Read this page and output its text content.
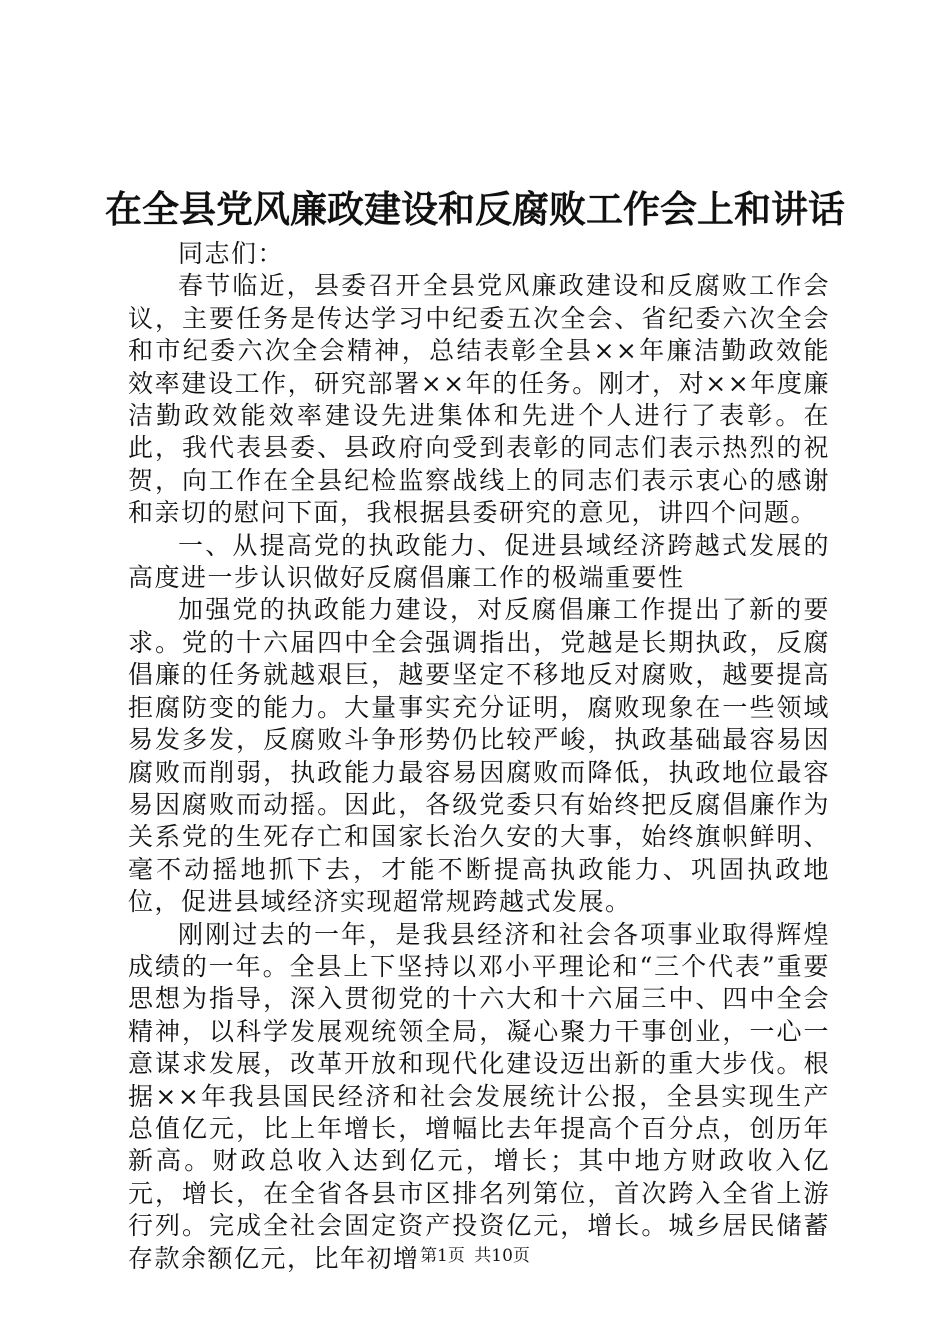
在全县党风廉政建设和反腐败工作会上和讲话

同志们：

春节临近，县委召开全县党风廉政建设和反腐败工作会议，主要任务是传达学习中纪委五次全会、省纪委六次全会和市纪委六次全会精神，总结表彰全县××年廉洁勤政效能效率建设工作，研究部署××年的任务。刚才，对××年度廉洁勤政效能效率建设先进集体和先进个人进行了表彰。在此，我代表县委、县政府向受到表彰的同志们表示热烈的祝贺，向工作在全县纪检监察战线上的同志们表示衷心的感谢和亲切的慰问下面，我根据县委研究的意见，讲四个问题。

一、从提高党的执政能力、促进县域经济跨越式发展的高度进一步认识做好反腐倡廉工作的极端重要性

加强党的执政能力建设，对反腐倡廉工作提出了新的要求。党的十六届四中全会强调指出，党越是长期执政，反腐倡廉的任务就越艰巨，越要坚定不移地反对腐败，越要提高拒腐防变的能力。大量事实充分证明，腐败现象在一些领域易发多发，反腐败斗争形势仍比较严峻，执政基础最容易因腐败而削弱，执政能力最容易因腐败而降低，执政地位最容易因腐败而动摇。因此，各级党委只有始终把反腐倡廉作为关系党的生死存亡和国家长治久安的大事，始终旗帜鲜明、毫不动摇地抓下去，才能不断提高执政能力、巩固执政地位，促进县域经济实现超常规跨越式发展。

刚刚过去的一年，是我县经济和社会各项事业取得辉煌成绩的一年。全县上下坚持以邓小平理论和“三个代表”重要思想为指导，深入贯彻党的十六大和十六届三中、四中全会精神，以科学发展观统领全局，凝心聚力干事创业，一心一意谋求发展，改革开放和现代化建设迈出新的重大步伐。根据××年我县国民经济和社会发展统计公报，全县实现生产总值亿元，比上年增长，增幅比去年提高个百分点，创历年新高。财政总收入达到亿元，增长；其中地方财政收入亿元，增长，在全省各县市区排名列第位，首次跨入全省上游行列。完成全社会固定资产投资亿元，增长。城乡居民储蓄存款余额亿元，比年初增 第1页 共10页
